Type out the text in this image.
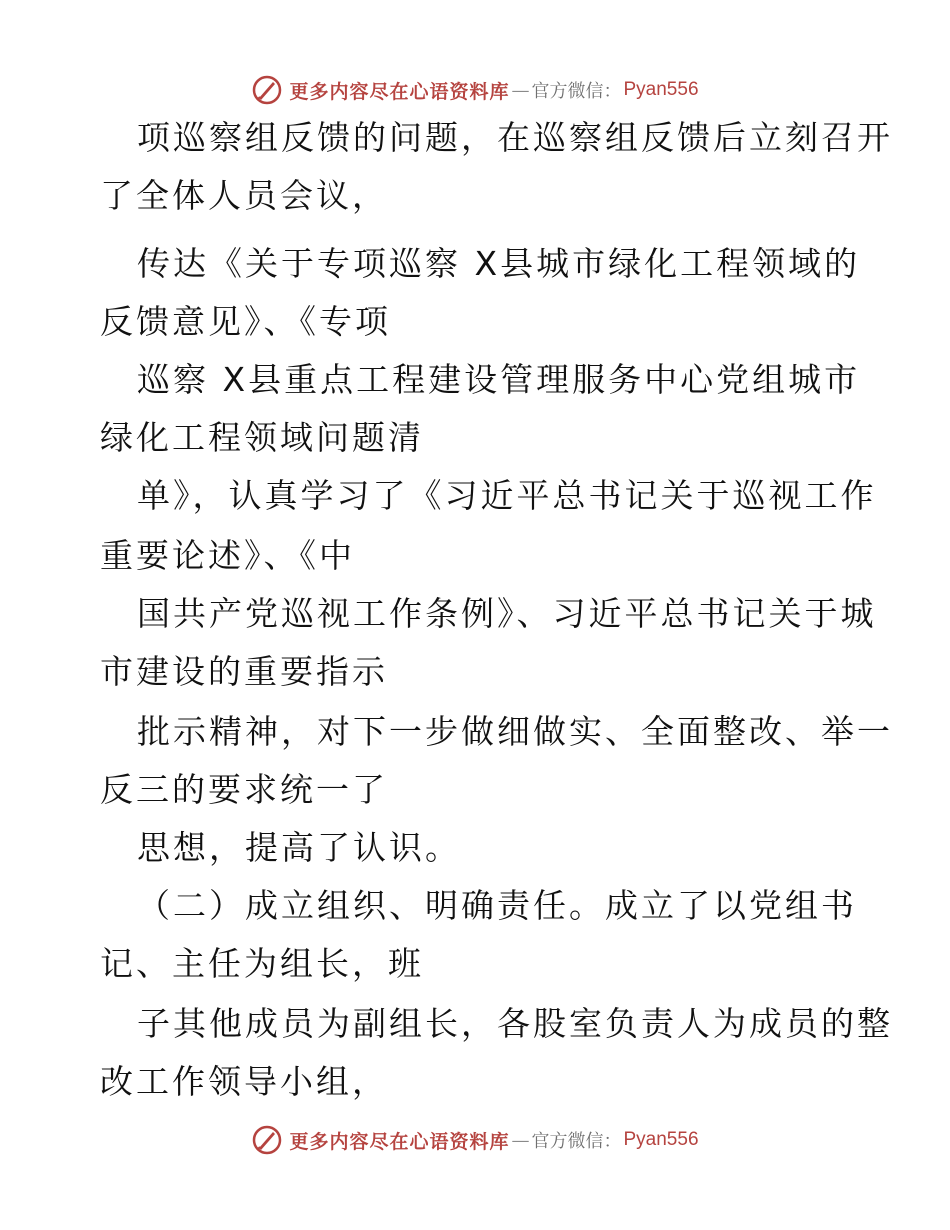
更多内容尽在心语资料库 — 官方微信： Pyan556
项巡察组反馈的问题，在巡察组反馈后立刻召开
了全体人员会议，
传达《关于专项巡察 X县城市绿化工程领域的
反馈意见》、《专项
巡察 X县重点工程建设管理服务中心党组城市
绿化工程领域问题清
单》，认真学习了《习近平总书记关于巡视工作
重要论述》、《中
国共产党巡视工作条例》、习近平总书记关于城
市建设的重要指示
批示精神，对下一步做细做实、全面整改、举一
反三的要求统一了
思想，提高了认识。
（二）成立组织、明确责任。成立了以党组书
记、主任为组长，班
子其他成员为副组长，各股室负责人为成员的整
改工作领导小组，
更多内容尽在心语资料库 — 官方微信： Pyan556
